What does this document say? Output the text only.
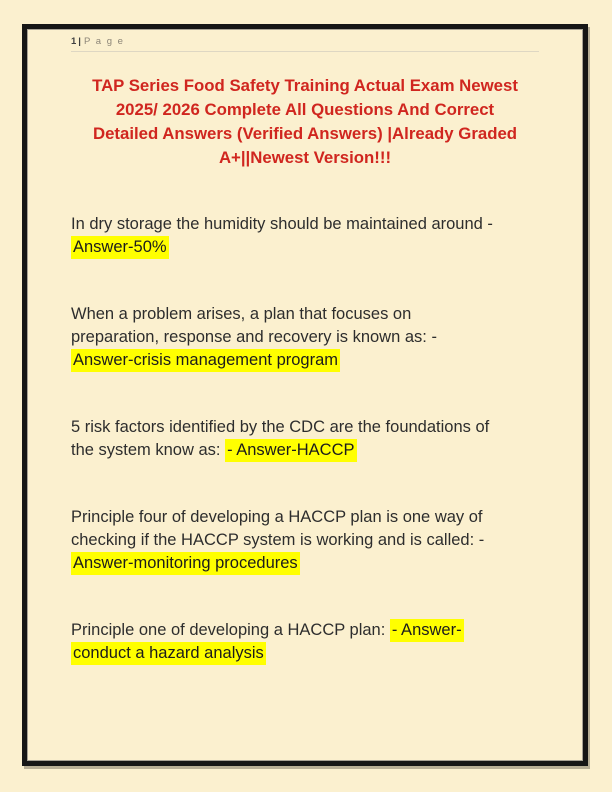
1 | P a g e
TAP Series Food Safety Training Actual Exam Newest
2025/ 2026 Complete All Questions And Correct
Detailed Answers (Verified Answers) |Already Graded
A+||Newest Version!!!

In dry storage the humidity should be maintained around -
Answer-50%

When a problem arises, a plan that focuses on
preparation, response and recovery is known as: -
Answer-crisis management program

5 risk factors identified by the CDC are the foundations of
the system know as: - Answer-HACCP

Principle four of developing a HACCP plan is one way of
checking if the HACCP system is working and is called: -
Answer-monitoring procedures

Principle one of developing a HACCP plan: - Answer-
conduct a hazard analysis
